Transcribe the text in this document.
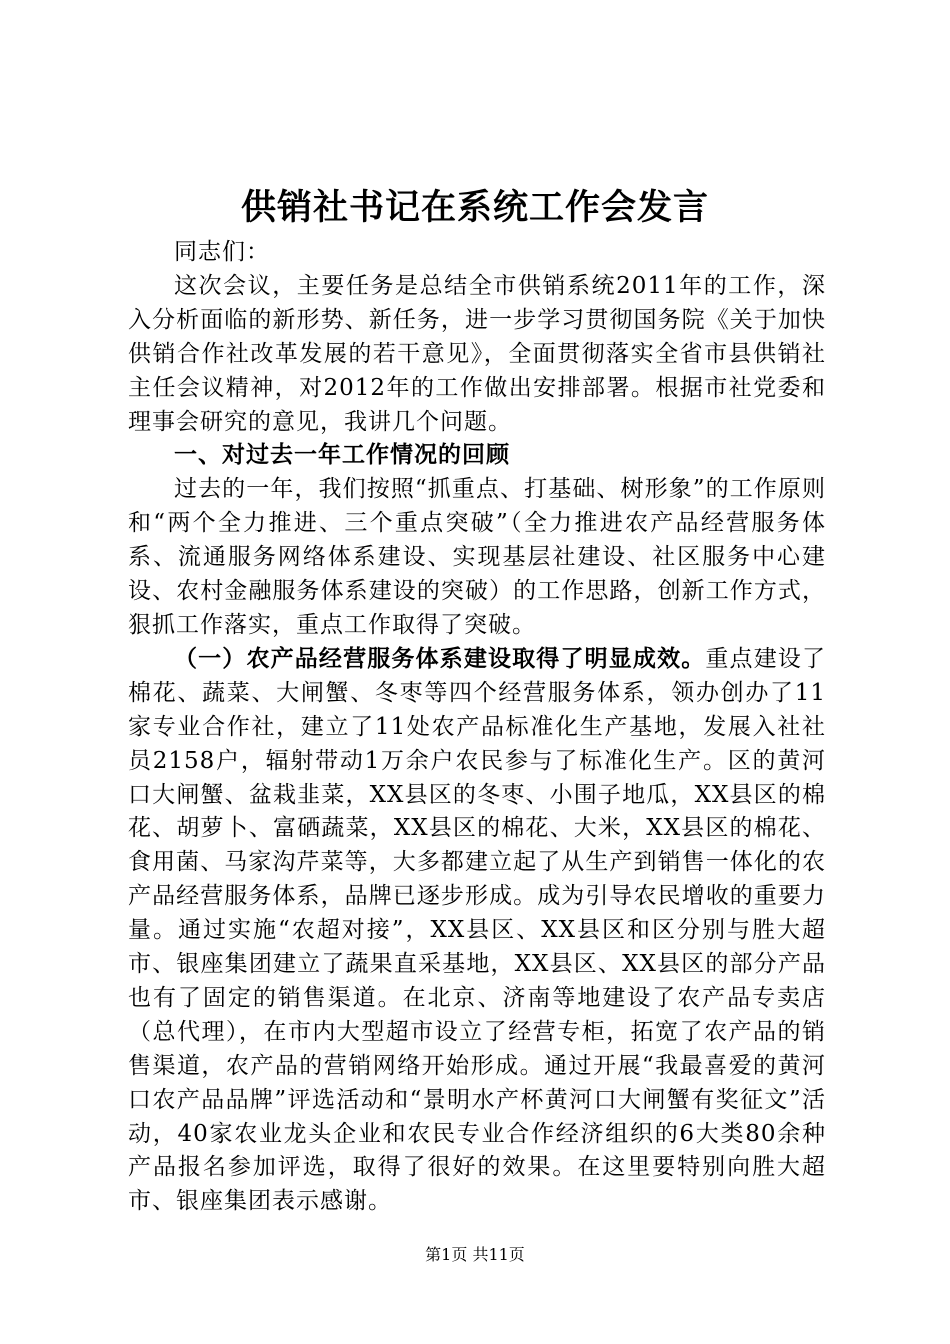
供销社书记在系统工作会发言

同志们：

这次会议，主要任务是总结全市供销系统2011年的工作，深入分析面临的新形势、新任务，进一步学习贯彻国务院《关于加快供销合作社改革发展的若干意见》，全面贯彻落实全省市县供销社主任会议精神，对2012年的工作做出安排部署。根据市社党委和理事会研究的意见，我讲几个问题。

一、对过去一年工作情况的回顾

过去的一年，我们按照“抓重点、打基础、树形象”的工作原则和“两个全力推进、三个重点突破”（全力推进农产品经营服务体系、流通服务网络体系建设、实现基层社建设、社区服务中心建设、农村金融服务体系建设的突破）的工作思路，创新工作方式，狠抓工作落实，重点工作取得了突破。

（一）农产品经营服务体系建设取得了明显成效。重点建设了棉花、蔬菜、大闸蟹、冬枣等四个经营服务体系，领办创办了11家专业合作社，建立了11处农产品标准化生产基地，发展入社社员2158户，辐射带动1万余户农民参与了标准化生产。区的黄河口大闸蟹、盆栽韭菜，XX县区的冬枣、小围子地瓜，XX县区的棉花、胡萝卜、富硒蔬菜，XX县区的棉花、大米，XX县区的棉花、食用菌、马家沟芹菜等，大多都建立起了从生产到销售一体化的农产品经营服务体系，品牌已逐步形成。成为引导农民增收的重要力量。通过实施“农超对接”，XX县区、XX县区和区分别与胜大超市、银座集团建立了蔬果直采基地，XX县区、XX县区的部分产品也有了固定的销售渠道。在北京、济南等地建设了农产品专卖店（总代理），在市内大型超市设立了经营专柜，拓宽了农产品的销售渠道，农产品的营销网络开始形成。通过开展“我最喜爱的黄河口农产品品牌”评选活动和“景明水产杯黄河口大闸蟹有奖征文”活动，40家农业龙头企业和农民专业合作经济组织的6大类80余种产品报名参加评选，取得了很好的效果。在这里要特别向胜大超市、银座集团表示感谢。

第1页 共11页
